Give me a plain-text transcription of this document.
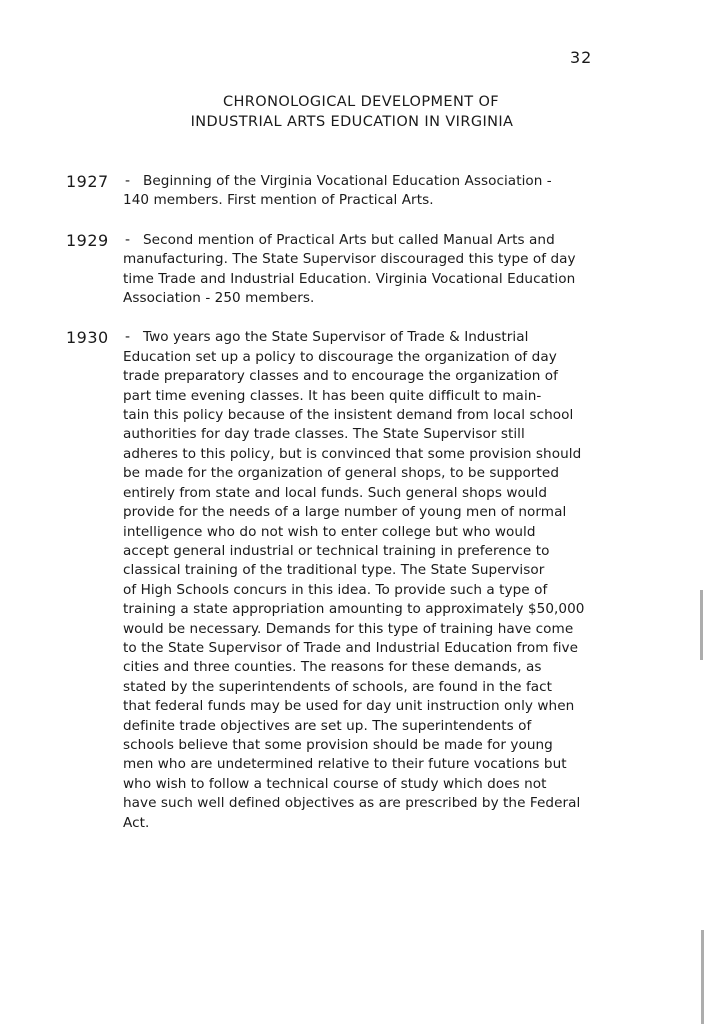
32
CHRONOLOGICAL DEVELOPMENT OF
INDUSTRIAL ARTS EDUCATION IN VIRGINIA
1927 - Beginning of the Virginia Vocational Education Association -
140 members. First mention of Practical Arts.
1929 - Second mention of Practical Arts but called Manual Arts and
manufacturing. The State Supervisor discouraged this type of day
time Trade and Industrial Education. Virginia Vocational Education
Association - 250 members.
1930 - Two years ago the State Supervisor of Trade & Industrial
Education set up a policy to discourage the organization of day
trade preparatory classes and to encourage the organization of
part time evening classes. It has been quite difficult to main-
tain this policy because of the insistent demand from local school
authorities for day trade classes. The State Supervisor still
adheres to this policy, but is convinced that some provision should
be made for the organization of general shops, to be supported
entirely from state and local funds. Such general shops would
provide for the needs of a large number of young men of normal
intelligence who do not wish to enter college but who would
accept general industrial or technical training in preference to
classical training of the traditional type. The State Supervisor
of High Schools concurs in this idea. To provide such a type of
training a state appropriation amounting to approximately $50,000
would be necessary. Demands for this type of training have come
to the State Supervisor of Trade and Industrial Education from five
cities and three counties. The reasons for these demands, as
stated by the superintendents of schools, are found in the fact
that federal funds may be used for day unit instruction only when
definite trade objectives are set up. The superintendents of
schools believe that some provision should be made for young
men who are undetermined relative to their future vocations but
who wish to follow a technical course of study which does not
have such well defined objectives as are prescribed by the Federal
Act.
